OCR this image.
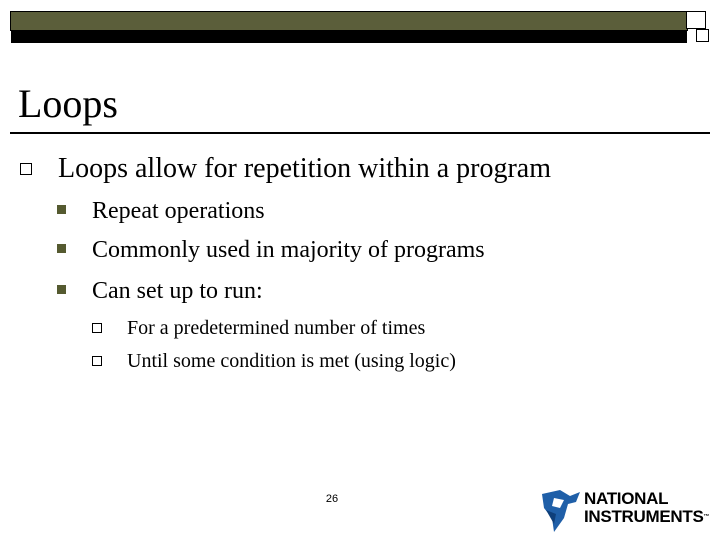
Loops
Loops allow for repetition within a program
Repeat operations
Commonly used in majority of programs
Can set up to run:
For a predetermined number of times
Until some condition is met (using logic)
26	NATIONAL
INSTRUMENTS™
